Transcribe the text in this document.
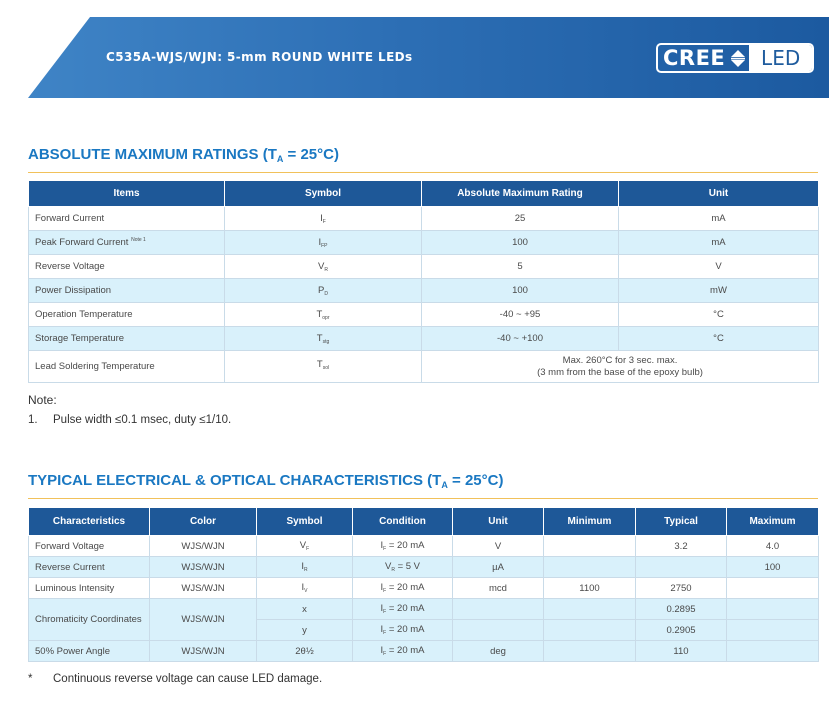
C535A-WJS/WJN: 5-mm ROUND WHITE LEDs	CREE	LED
ABSOLUTE MAXIMUM RATINGS $(T_A = 25^\circ C)$
Items	Symbol	Absolute Maximum Rating	Unit
Forward Current	$I_F$	25	mA
Peak Forward Current $^{Note 1}$	$I_{FP}$	100	mA
Reverse Voltage	$V_R$	5	V
Power Dissipation	$P_D$	100	mW
Operation Temperature	$T_{opr}$	-40 ~ +95	°C
Storage Temperature	$T_{stg}$	-40 ~ +100	°C
Lead Soldering Temperature	$T_{sol}$	Max. 260°C for 3 sec. max.
(3 mm from the base of the epoxy bulb)	
Note:
1. Pulse width ≤0.1 msec, duty ≤1/10.
TYPICAL ELECTRICAL & OPTICAL CHARACTERISTICS $(T_A = 25^\circ C)$
Characteristics	Color	Symbol	Condition	Unit	Minimum	Typical	Maximum
Forward Voltage	WJS/WJN	$V_F$	$I_F = 20$ mA	V		3.2	4.0
Reverse Current	WJS/WJN	$I_R$	$V_R = 5$ V	µA			100
Luminous Intensity	WJS/WJN	$I_V$	$I_F = 20$ mA	mcd	1100	2750	
Chromaticity Coordinates	WJS/WJN	x	$I_F = 20$ mA			0.2895	
		y	$I_F = 20$ mA			0.2905	
50% Power Angle	WJS/WJN	2θ½	$I_F = 20$ mA	deg		110	
* Continuous reverse voltage can cause LED damage.
